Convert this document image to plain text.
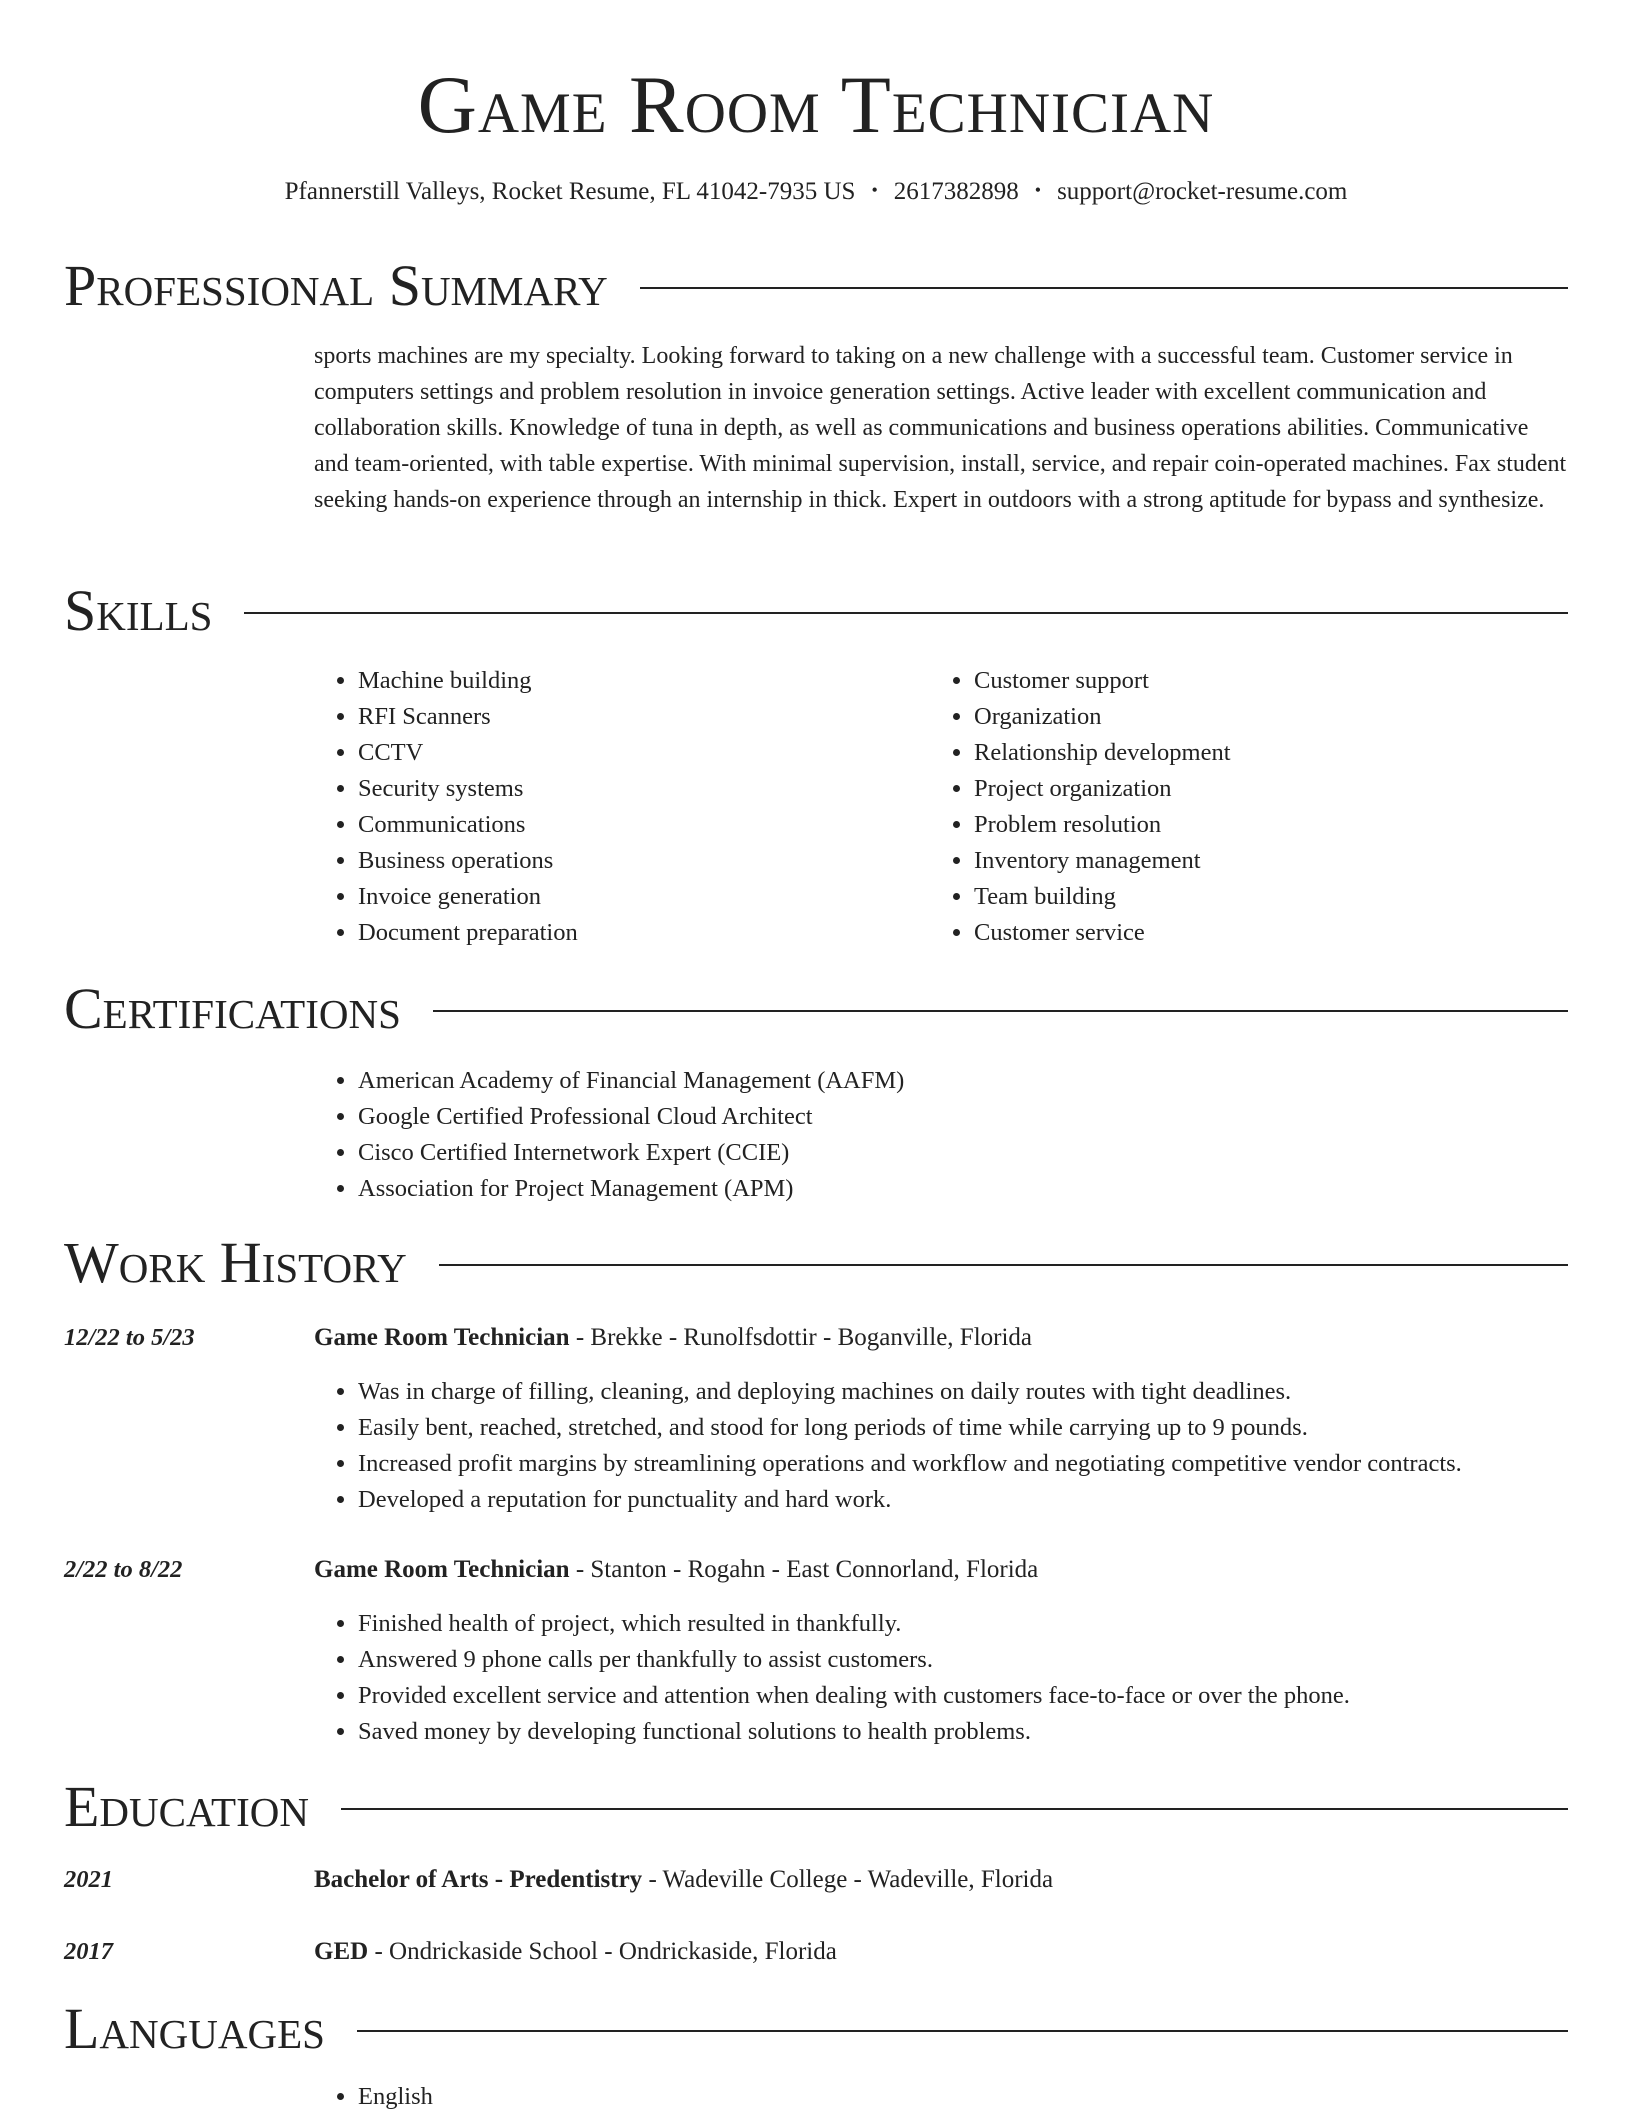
Game Room Technician
Pfannerstill Valleys, Rocket Resume, FL 41042-7935 US • 2617382898 • support@rocket-resume.com
Professional Summary

sports machines are my specialty. Looking forward to taking on a new challenge with a successful team. Customer service in computers settings and problem resolution in invoice generation settings. Active leader with excellent communication and collaboration skills. Knowledge of tuna in depth, as well as communications and business operations abilities. Communicative and team-oriented, with table expertise. With minimal supervision, install, service, and repair coin-operated machines. Fax student seeking hands-on experience through an internship in thick. Expert in outdoors with a strong aptitude for bypass and synthesize.

Skills
• Machine building
• RFI Scanners
• CCTV
• Security systems
• Communications
• Business operations
• Invoice generation
• Document preparation
• Customer support
• Organization
• Relationship development
• Project organization
• Problem resolution
• Inventory management
• Team building
• Customer service
Certifications
• American Academy of Financial Management (AAFM)
• Google Certified Professional Cloud Architect
• Cisco Certified Internetwork Expert (CCIE)
• Association for Project Management (APM)
Work History
12/22 to 5/23	Game Room Technician - Brekke - Runolfsdottir - Boganville, Florida
• Was in charge of filling, cleaning, and deploying machines on daily routes with tight deadlines.
• Easily bent, reached, stretched, and stood for long periods of time while carrying up to 9 pounds.
• Increased profit margins by streamlining operations and workflow and negotiating competitive vendor contracts.
• Developed a reputation for punctuality and hard work.
2/22 to 8/22	Game Room Technician - Stanton - Rogahn - East Connorland, Florida
• Finished health of project, which resulted in thankfully.
• Answered 9 phone calls per thankfully to assist customers.
• Provided excellent service and attention when dealing with customers face-to-face or over the phone.
• Saved money by developing functional solutions to health problems.
Education
2021	Bachelor of Arts - Predentistry - Wadeville College - Wadeville, Florida
2017	GED - Ondrickaside School - Ondrickaside, Florida
Languages
• English
